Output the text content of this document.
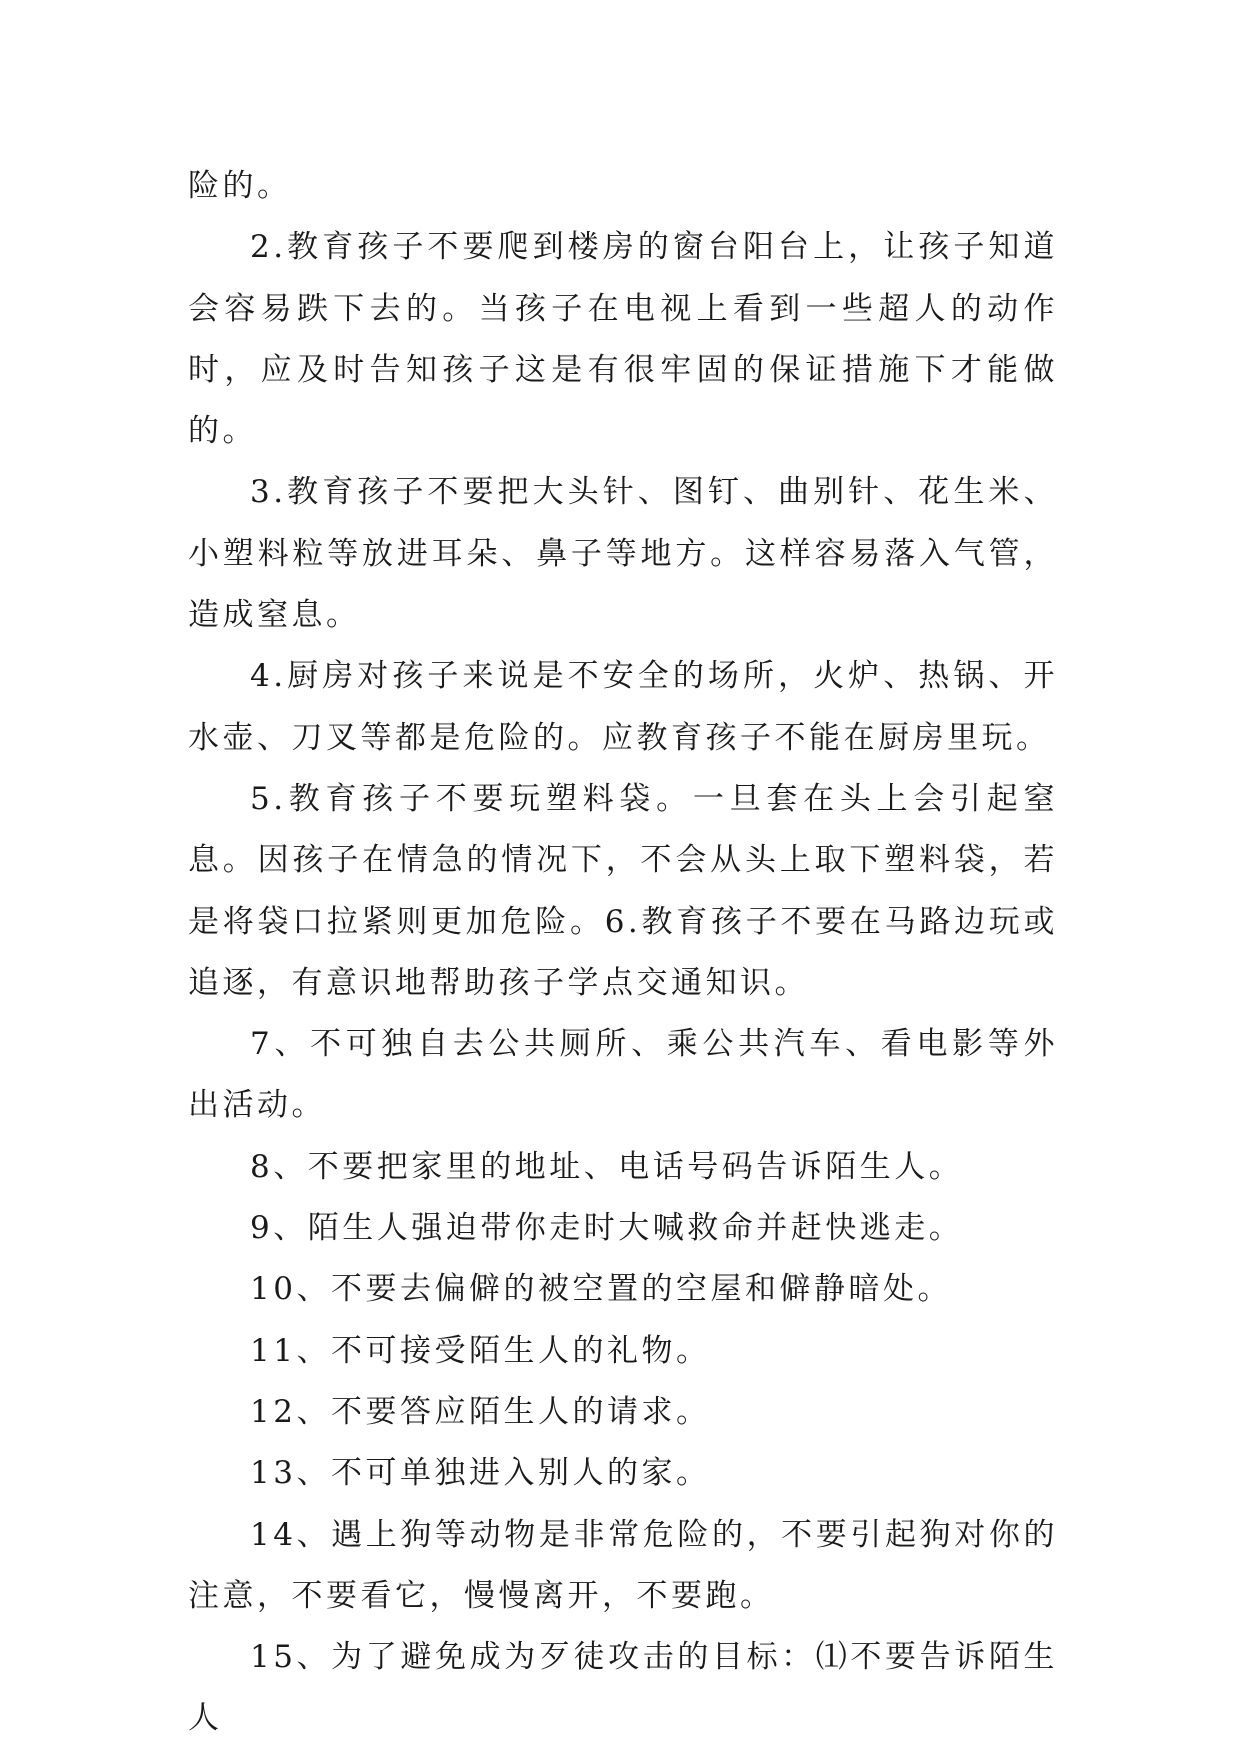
险的。

2.教育孩子不要爬到楼房的窗台阳台上，让孩子知道会容易跌下去的。当孩子在电视上看到一些超人的动作时，应及时告知孩子这是有很牢固的保证措施下才能做的。

3.教育孩子不要把大头针、图钉、曲别针、花生米、小塑料粒等放进耳朵、鼻子等地方。这样容易落入气管，造成窒息。

4.厨房对孩子来说是不安全的场所，火炉、热锅、开水壶、刀叉等都是危险的。应教育孩子不能在厨房里玩。

5.教育孩子不要玩塑料袋。一旦套在头上会引起窒息。因孩子在情急的情况下，不会从头上取下塑料袋，若是将袋口拉紧则更加危险。6.教育孩子不要在马路边玩或追逐，有意识地帮助孩子学点交通知识。

7、不可独自去公共厕所、乘公共汽车、看电影等外出活动。

8、不要把家里的地址、电话号码告诉陌生人。

9、陌生人强迫带你走时大喊救命并赶快逃走。

10、不要去偏僻的被空置的空屋和僻静暗处。

11、不可接受陌生人的礼物。

12、不要答应陌生人的请求。

13、不可单独进入别人的家。

14、遇上狗等动物是非常危险的，不要引起狗对你的注意，不要看它，慢慢离开，不要跑。

15、为了避免成为歹徒攻击的目标：⑴不要告诉陌生人
